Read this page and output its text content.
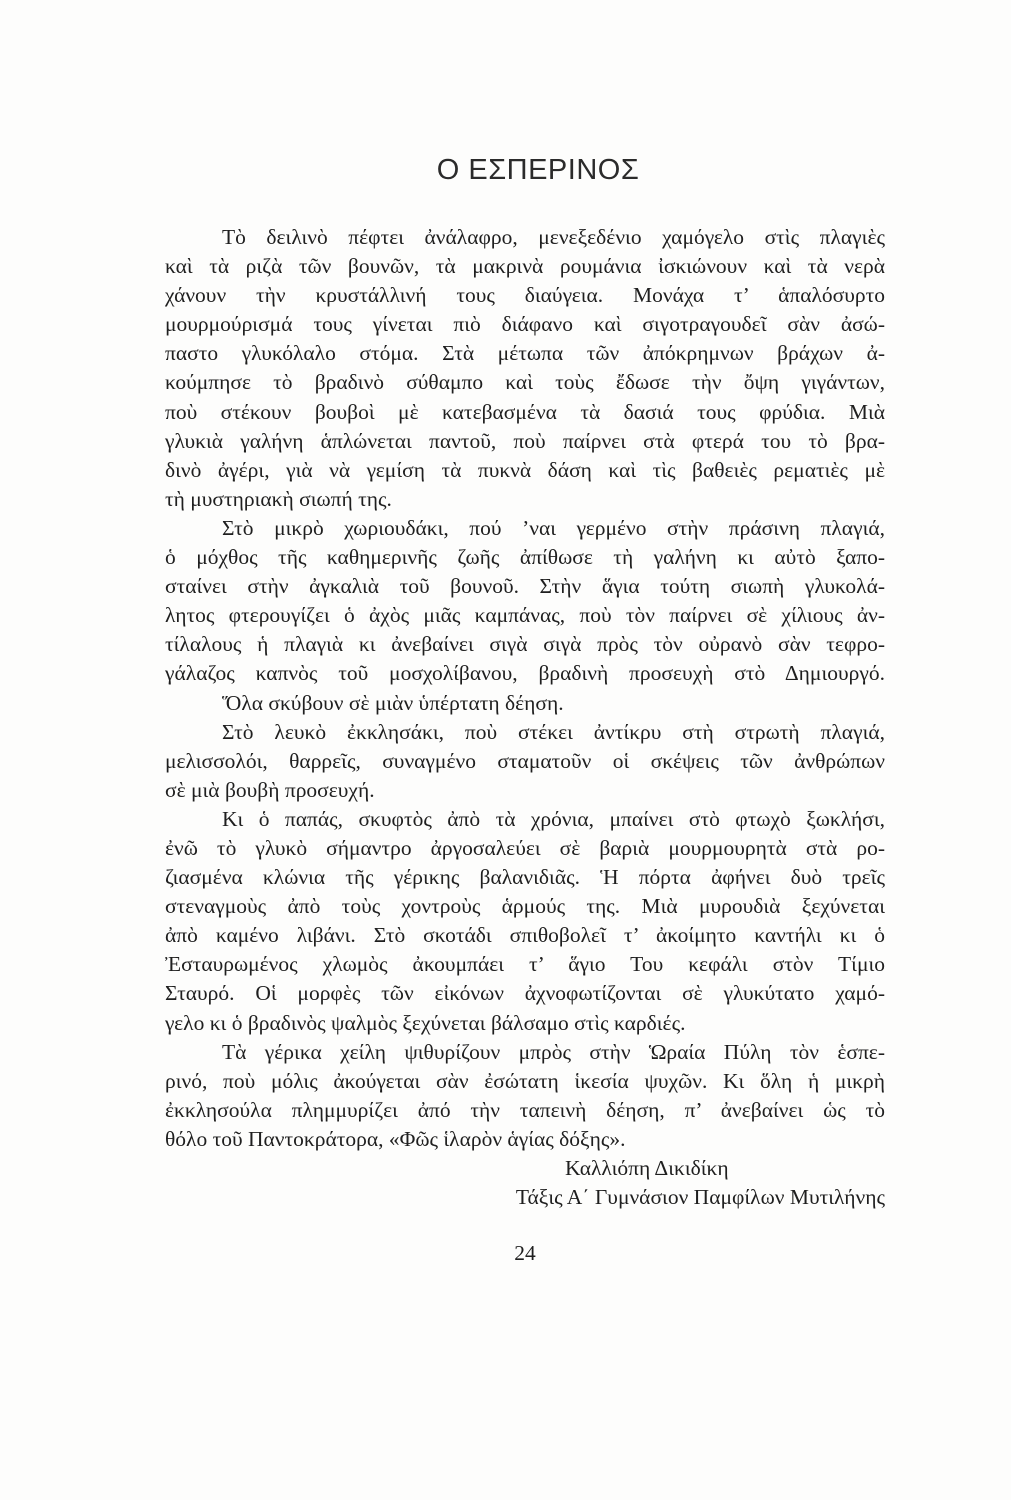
Ο ΕΣΠΕΡΙΝΟΣ
Τὸ δειλινὸ πέφτει ἀνάλαφρο, μενεξεδένιο χαμόγελο στὶς πλαγιὲς
καὶ τὰ ριζὰ τῶν βουνῶν, τὰ μακρινὰ ρουμάνια ἰσκιώνουν καὶ τὰ νερὰ
χάνουν τὴν κρυστάλλινή τους διαύγεια. Μονάχα τ’ ἁπαλόσυρτο
μουρμούρισμά τους γίνεται πιὸ διάφανο καὶ σιγοτραγουδεῖ σὰν ἀσώ-
παστο γλυκόλαλο στόμα. Στὰ μέτωπα τῶν ἀπόκρημνων βράχων ἀ-
κούμπησε τὸ βραδινὸ σύθαμπο καὶ τοὺς ἔδωσε τὴν ὄψη γιγάντων,
ποὺ στέκουν βουβοὶ μὲ κατεβασμένα τὰ δασιά τους φρύδια. Μιὰ
γλυκιὰ γαλήνη ἁπλώνεται παντοῦ, ποὺ παίρνει στὰ φτερά του τὸ βρα-
δινὸ ἀγέρι, γιὰ νὰ γεμίση τὰ πυκνὰ δάση καὶ τὶς βαθειὲς ρεματιὲς μὲ
τὴ μυστηριακὴ σιωπή της.
Στὸ μικρὸ χωριουδάκι, πού ’ναι γερμένο στὴν πράσινη πλαγιά,
ὁ μόχθος τῆς καθημερινῆς ζωῆς ἀπίθωσε τὴ γαλήνη κι αὐτὸ ξαπο-
σταίνει στὴν ἀγκαλιὰ τοῦ βουνοῦ. Στὴν ἅγια τούτη σιωπὴ γλυκολά-
λητος φτερουγίζει ὁ ἀχὸς μιᾶς καμπάνας, ποὺ τὸν παίρνει σὲ χίλιους ἀν-
τίλαλους ἡ πλαγιὰ κι ἀνεβαίνει σιγὰ σιγὰ πρὸς τὸν οὐρανὸ σὰν τεφρο-
γάλαζος καπνὸς τοῦ μοσχολίβανου, βραδινὴ προσευχὴ στὸ Δημιουργό.
Ὅλα σκύβουν σὲ μιὰν ὑπέρτατη δέηση.
Στὸ λευκὸ ἐκκλησάκι, ποὺ στέκει ἀντίκρυ στὴ στρωτὴ πλαγιά,
μελισσολόι, θαρρεῖς, συναγμένο σταματοῦν οἱ σκέψεις τῶν ἀνθρώπων
σὲ μιὰ βουβὴ προσευχή.
Κι ὁ παπάς, σκυφτὸς ἀπὸ τὰ χρόνια, μπαίνει στὸ φτωχὸ ξωκλήσι,
ἐνῶ τὸ γλυκὸ σήμαντρο ἀργοσαλεύει σὲ βαριὰ μουρμουρητὰ στὰ ρο-
ζιασμένα κλώνια τῆς γέρικης βαλανιδιᾶς. Ἡ πόρτα ἀφήνει δυὸ τρεῖς
στεναγμοὺς ἀπὸ τοὺς χοντροὺς ἁρμούς της. Μιὰ μυρουδιὰ ξεχύνεται
ἀπὸ καμένο λιβάνι. Στὸ σκοτάδι σπιθοβολεῖ τ’ ἀκοίμητο καντήλι κι ὁ
Ἐσταυρωμένος χλωμὸς ἀκουμπάει τ’ ἅγιο Του κεφάλι στὸν Τίμιο
Σταυρό. Οἱ μορφὲς τῶν εἰκόνων ἀχνοφωτίζονται σὲ γλυκύτατο χαμό-
γελο κι ὁ βραδινὸς ψαλμὸς ξεχύνεται βάλσαμο στὶς καρδιές.
Τὰ γέρικα χείλη ψιθυρίζουν μπρὸς στὴν Ὡραία Πύλη τὸν ἑσπε-
ρινό, ποὺ μόλις ἀκούγεται σὰν ἐσώτατη ἱκεσία ψυχῶν. Κι ὅλη ἡ μικρὴ
ἐκκλησούλα πλημμυρίζει ἀπό τὴν ταπεινὴ δέηση, π’ ἀνεβαίνει ὡς τὸ
θόλο τοῦ Παντοκράτορα, «Φῶς ἱλαρὸν ἁγίας δόξης».
Καλλιόπη Δικιδίκη
Τάξις Α΄ Γυμνάσιον Παμφίλων Μυτιλήνης
24
